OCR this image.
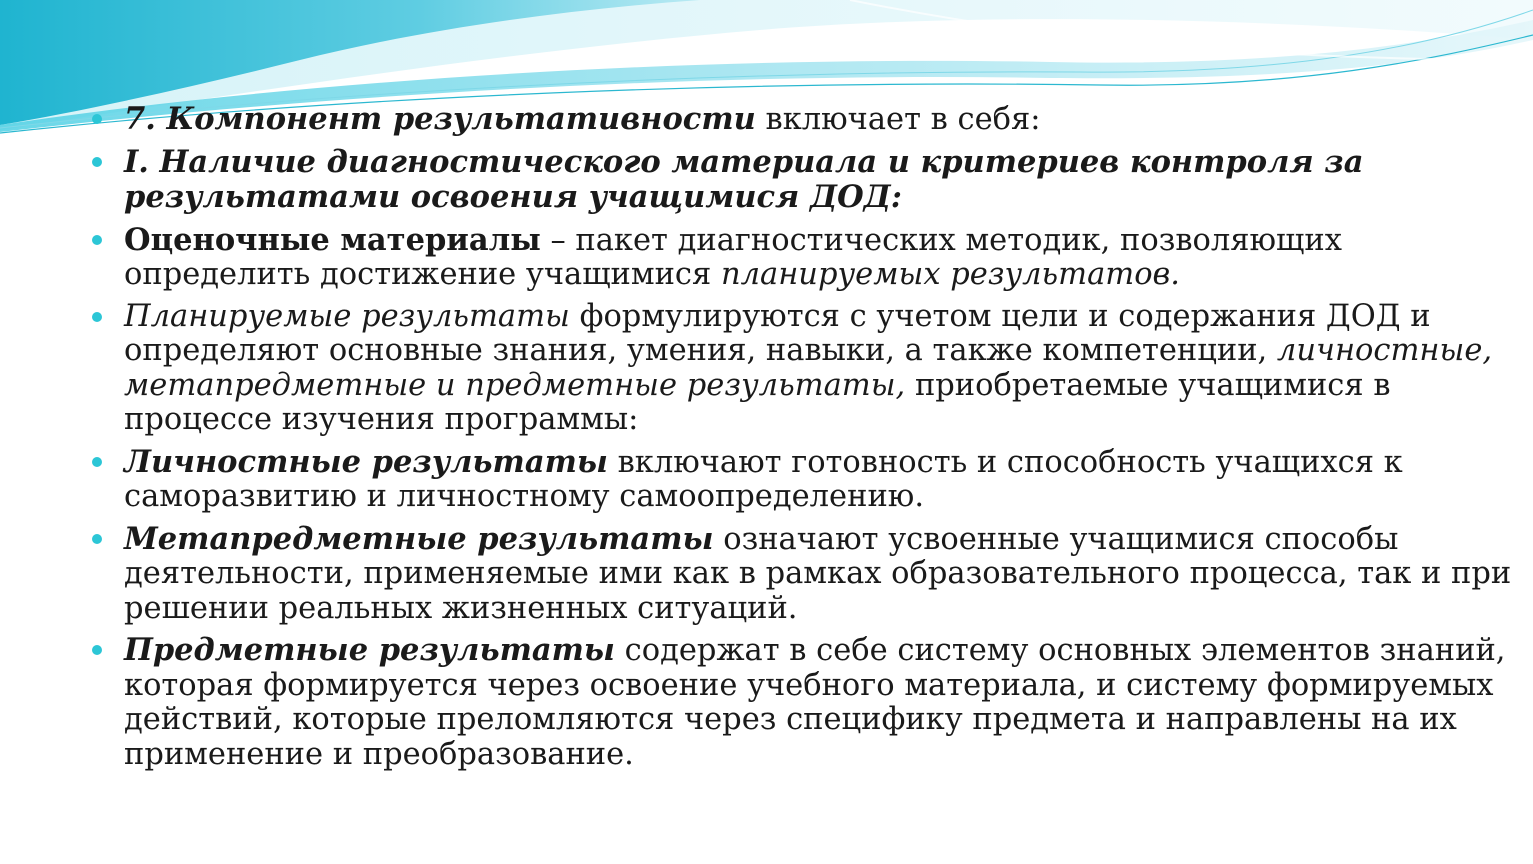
7. Компонент результативности включает в себя:
I. Наличие диагностического материала и критериев контроля за результатами освоения учащимися ДОД:
Оценочные материалы – пакет диагностических методик, позволяющих определить достижение учащимися планируемых результатов.
Планируемые результаты формулируются с учетом цели и содержания ДОД и определяют основные знания, умения, навыки, а также компетенции, личностные, метапредметные и предметные результаты, приобретаемые учащимися в процессе изучения программы:
Личностные результаты включают готовность и способность учащихся к саморазвитию и личностному самоопределению.
Метапредметные результаты означают усвоенные учащимися способы деятельности, применяемые ими как в рамках образовательного процесса, так и при решении реальных жизненных ситуаций.
Предметные результаты содержат в себе систему основных элементов знаний, которая формируется через освоение учебного материала, и систему формируемых действий, которые преломляются через специфику предмета и направлены на их применение и преобразование.
